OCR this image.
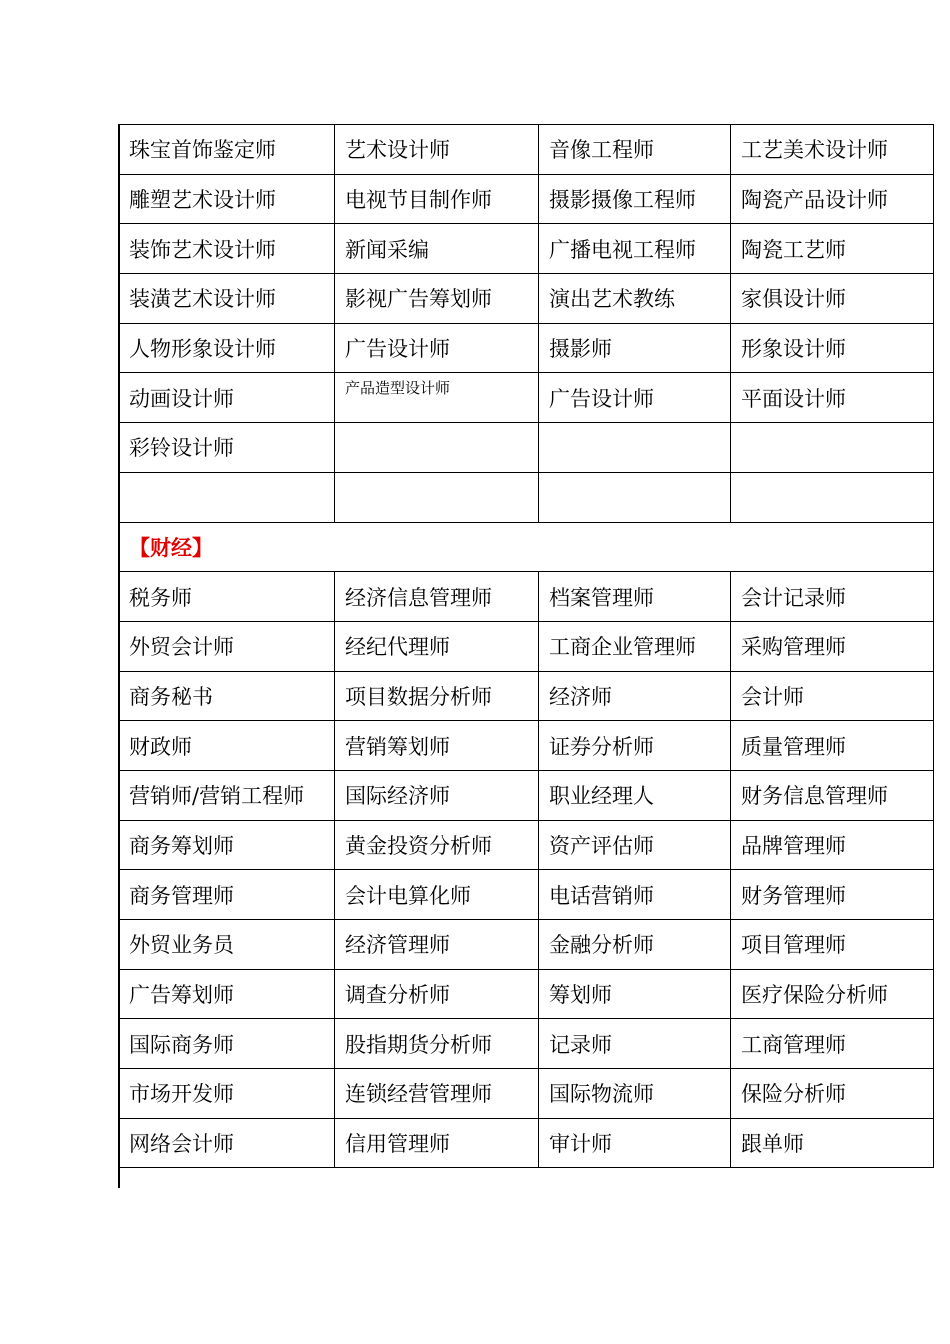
珠宝首饰鉴定师	艺术设计师	音像工程师	工艺美术设计师
雕塑艺术设计师	电视节目制作师	摄影摄像工程师	陶瓷产品设计师
装饰艺术设计师	新闻采编	广播电视工程师	陶瓷工艺师
装潢艺术设计师	影视广告筹划师	演出艺术教练	家俱设计师
人物形象设计师	广告设计师	摄影师	形象设计师
动画设计师	产品造型设计师	广告设计师	平面设计师
彩铃设计师			

【财经】			
税务师	经济信息管理师	档案管理师	会计记录师
外贸会计师	经纪代理师	工商企业管理师	采购管理师
商务秘书	项目数据分析师	经济师	会计师
财政师	营销筹划师	证券分析师	质量管理师
营销师/营销工程师	国际经济师	职业经理人	财务信息管理师
商务筹划师	黄金投资分析师	资产评估师	品牌管理师
商务管理师	会计电算化师	电话营销师	财务管理师
外贸业务员	经济管理师	金融分析师	项目管理师
广告筹划师	调查分析师	筹划师	医疗保险分析师
国际商务师	股指期货分析师	记录师	工商管理师
市场开发师	连锁经营管理师	国际物流师	保险分析师
网络会计师	信用管理师	审计师	跟单师
